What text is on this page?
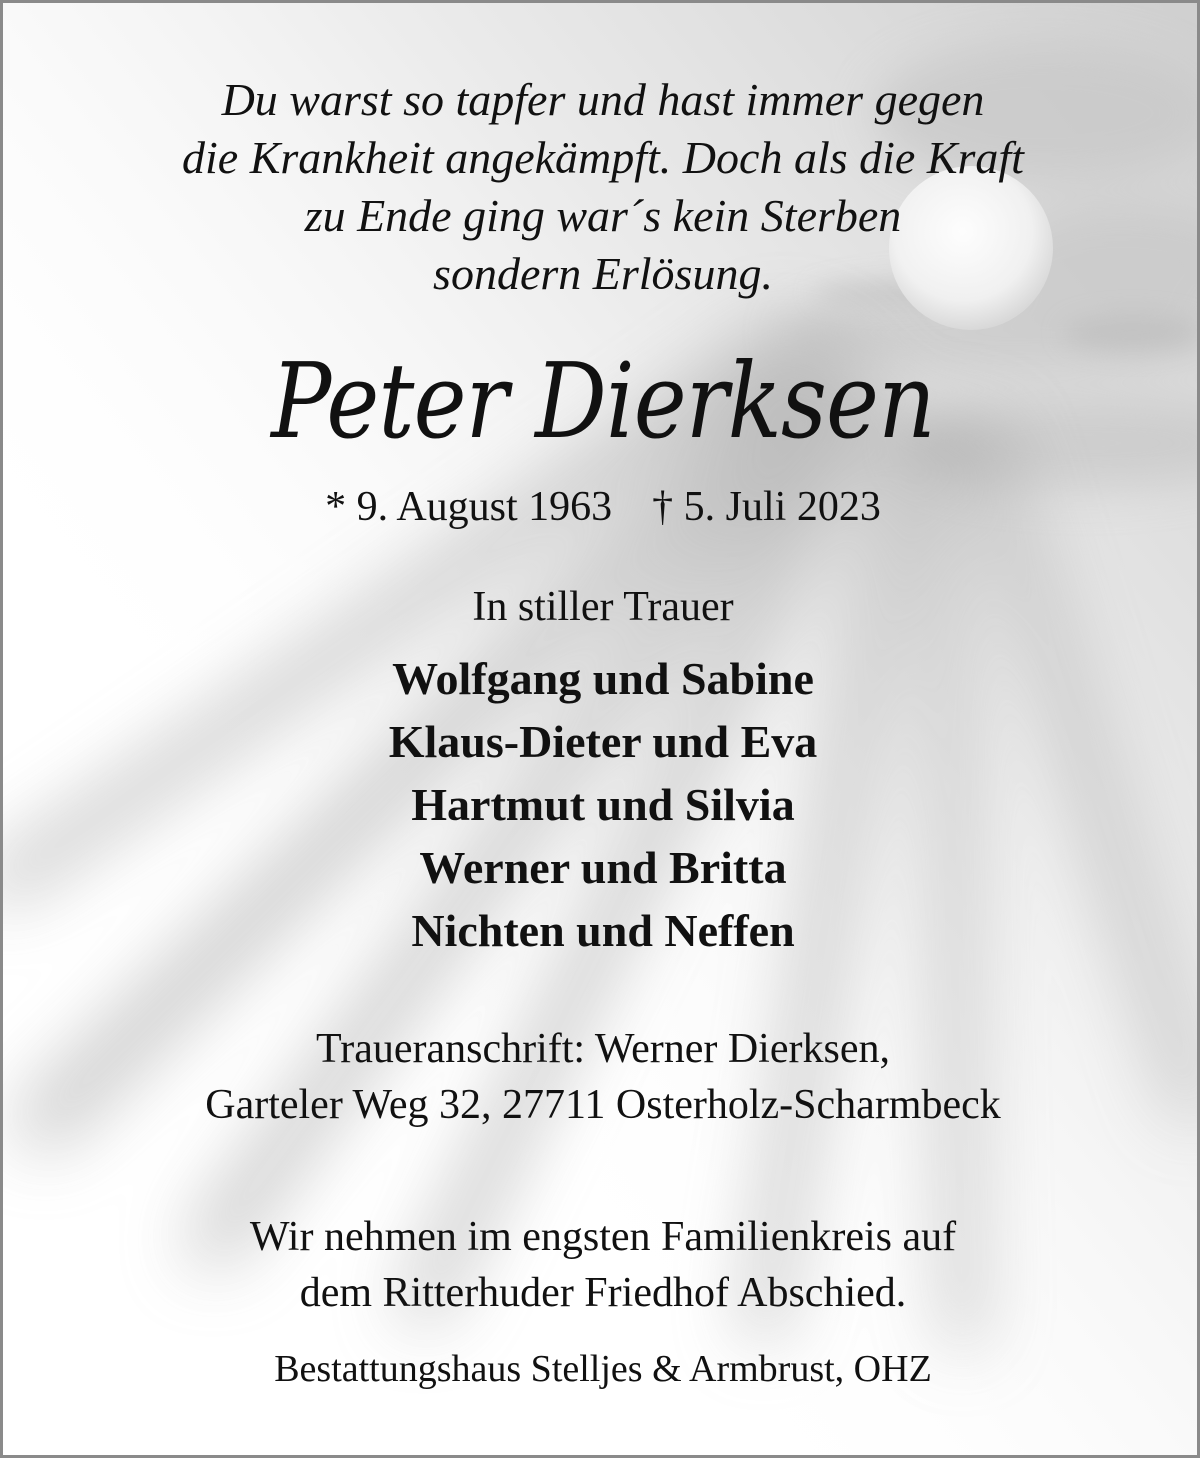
Du warst so tapfer und hast immer gegen
die Krankheit angekämpft. Doch als die Kraft
zu Ende ging war´s kein Sterben
sondern Erlösung.
Peter Dierksen
* 9. August 1963 † 5. Juli 2023
In stiller Trauer
Wolfgang und Sabine
Klaus-Dieter und Eva
Hartmut und Silvia
Werner und Britta
Nichten und Neffen
Traueranschrift: Werner Dierksen,
Garteler Weg 32, 27711 Osterholz-Scharmbeck
Wir nehmen im engsten Familienkreis auf
dem Ritterhuder Friedhof Abschied.
Bestattungshaus Stelljes & Armbrust, OHZ
